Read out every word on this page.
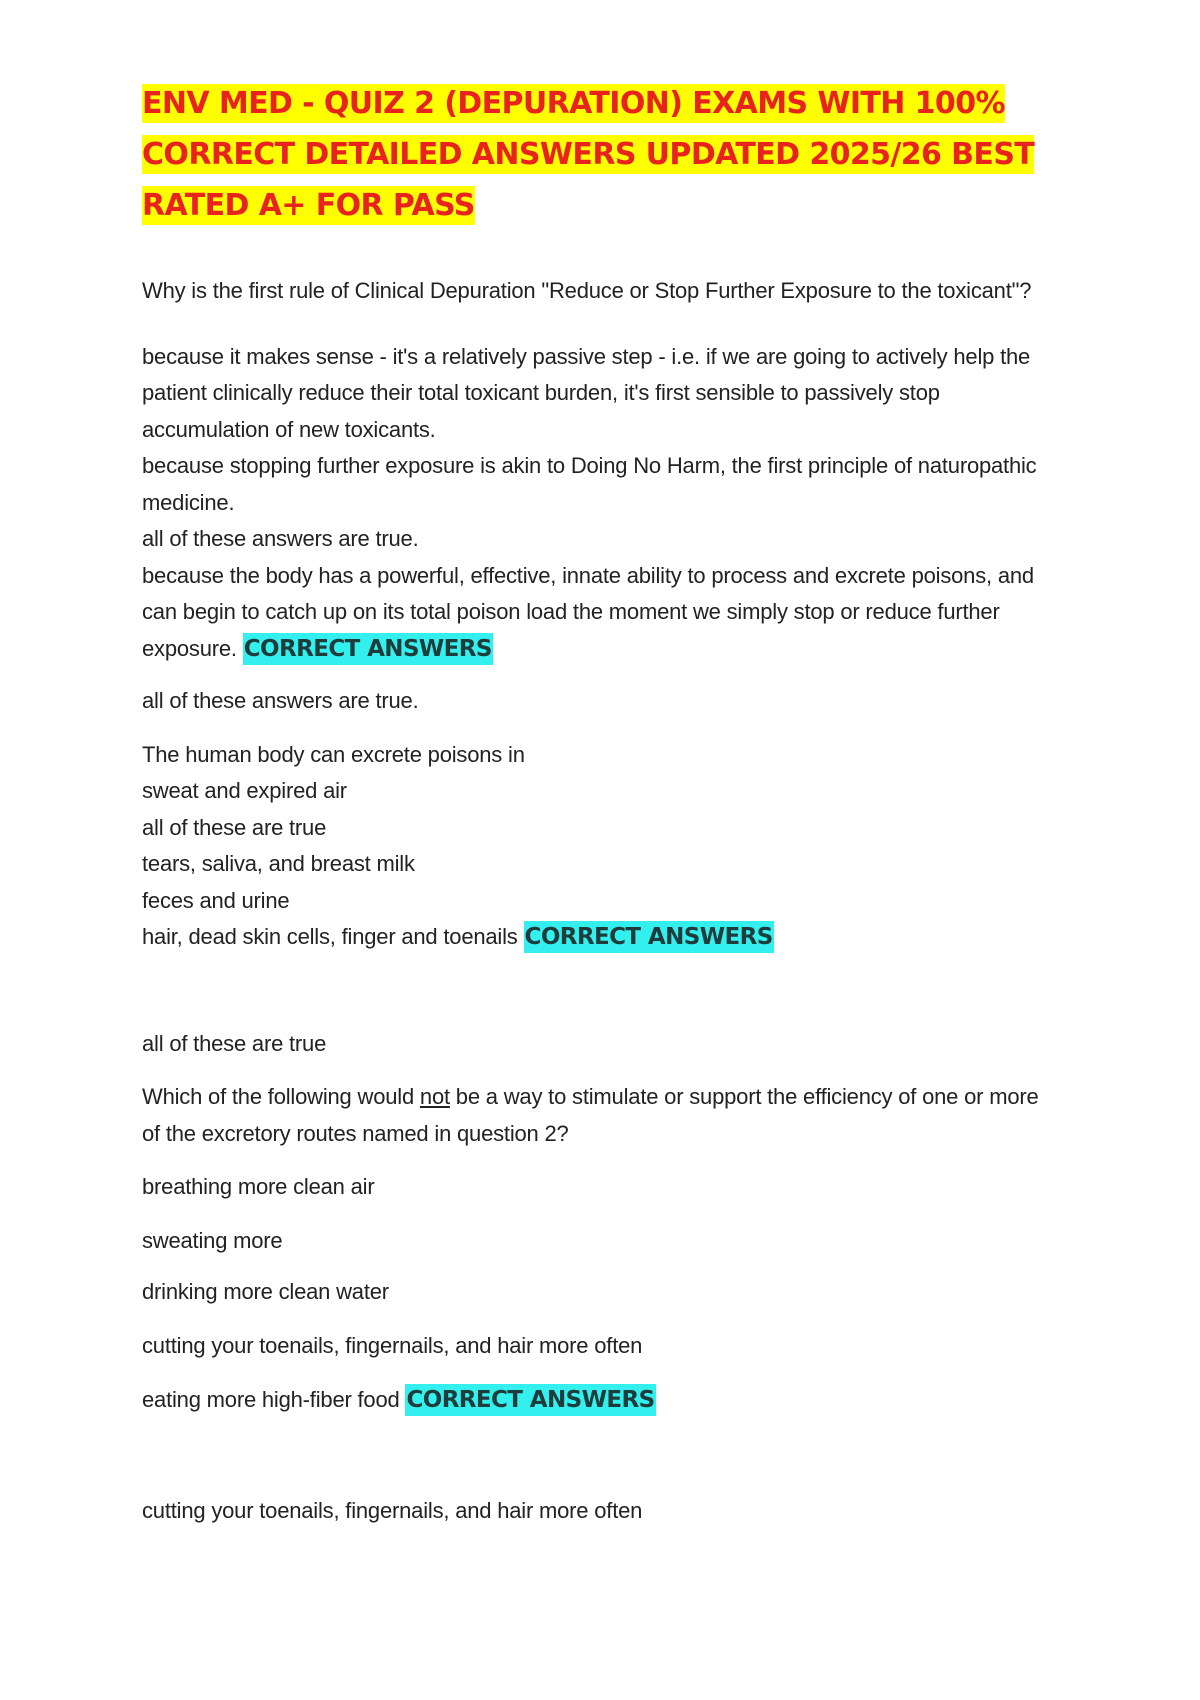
ENV MED - QUIZ 2 (DEPURATION) EXAMS WITH 100% CORRECT DETAILED ANSWERS UPDATED 2025/26 BEST RATED A+ FOR PASS

Why is the first rule of Clinical Depuration "Reduce or Stop Further Exposure to the toxicant"?

because it makes sense - it's a relatively passive step - i.e. if we are going to actively help the patient clinically reduce their total toxicant burden, it's first sensible to passively stop accumulation of new toxicants.

because stopping further exposure is akin to Doing No Harm, the first principle of naturopathic medicine.

all of these answers are true.

because the body has a powerful, effective, innate ability to process and excrete poisons, and can begin to catch up on its total poison load the moment we simply stop or reduce further exposure. CORRECT ANSWERS

all of these answers are true.

The human body can excrete poisons in

sweat and expired air

all of these are true

tears, saliva, and breast milk

feces and urine

hair, dead skin cells, finger and toenails CORRECT ANSWERS

all of these are true

Which of the following would not be a way to stimulate or support the efficiency of one or more of the excretory routes named in question 2?

breathing more clean air

sweating more

drinking more clean water

cutting your toenails, fingernails, and hair more often

eating more high-fiber food CORRECT ANSWERS

cutting your toenails, fingernails, and hair more often
